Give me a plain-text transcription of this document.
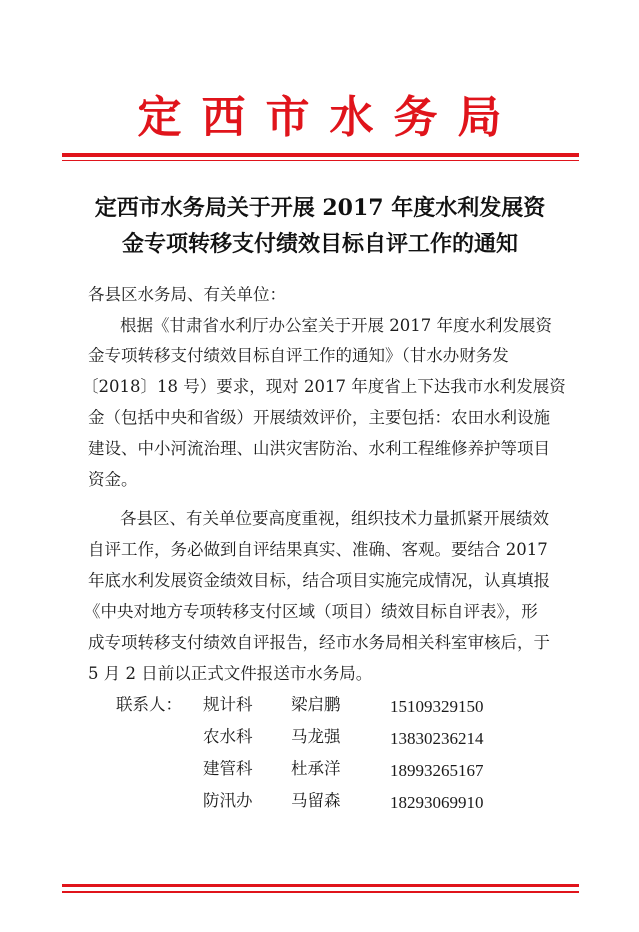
定西市水务局
定西市水务局关于开展 2017 年度水利发展资
金专项转移支付绩效目标自评工作的通知
各县区水务局、有关单位：
根据《甘肃省水利厅办公室关于开展 2017 年度水利发展资
金专项转移支付绩效目标自评工作的通知》（甘水办财务发
〔2018〕18 号）要求，现对 2017 年度省上下达我市水利发展资
金（包括中央和省级）开展绩效评价，主要包括：农田水利设施
建设、中小河流治理、山洪灾害防治、水利工程维修养护等项目
资金。
各县区、有关单位要高度重视，组织技术力量抓紧开展绩效
自评工作，务必做到自评结果真实、准确、客观。要结合 2017
年底水利发展资金绩效目标，结合项目实施完成情况，认真填报
《中央对地方专项转移支付区域（项目）绩效目标自评表》，形
成专项转移支付绩效自评报告，经市水务局相关科室审核后，于
5 月 2 日前以正式文件报送市水务局。
联系人： 规计科 梁启鹏	15109329150
农水科 马龙强	13830236214
建管科 杜承洋	18993265167
防汛办 马留森	18293069910
